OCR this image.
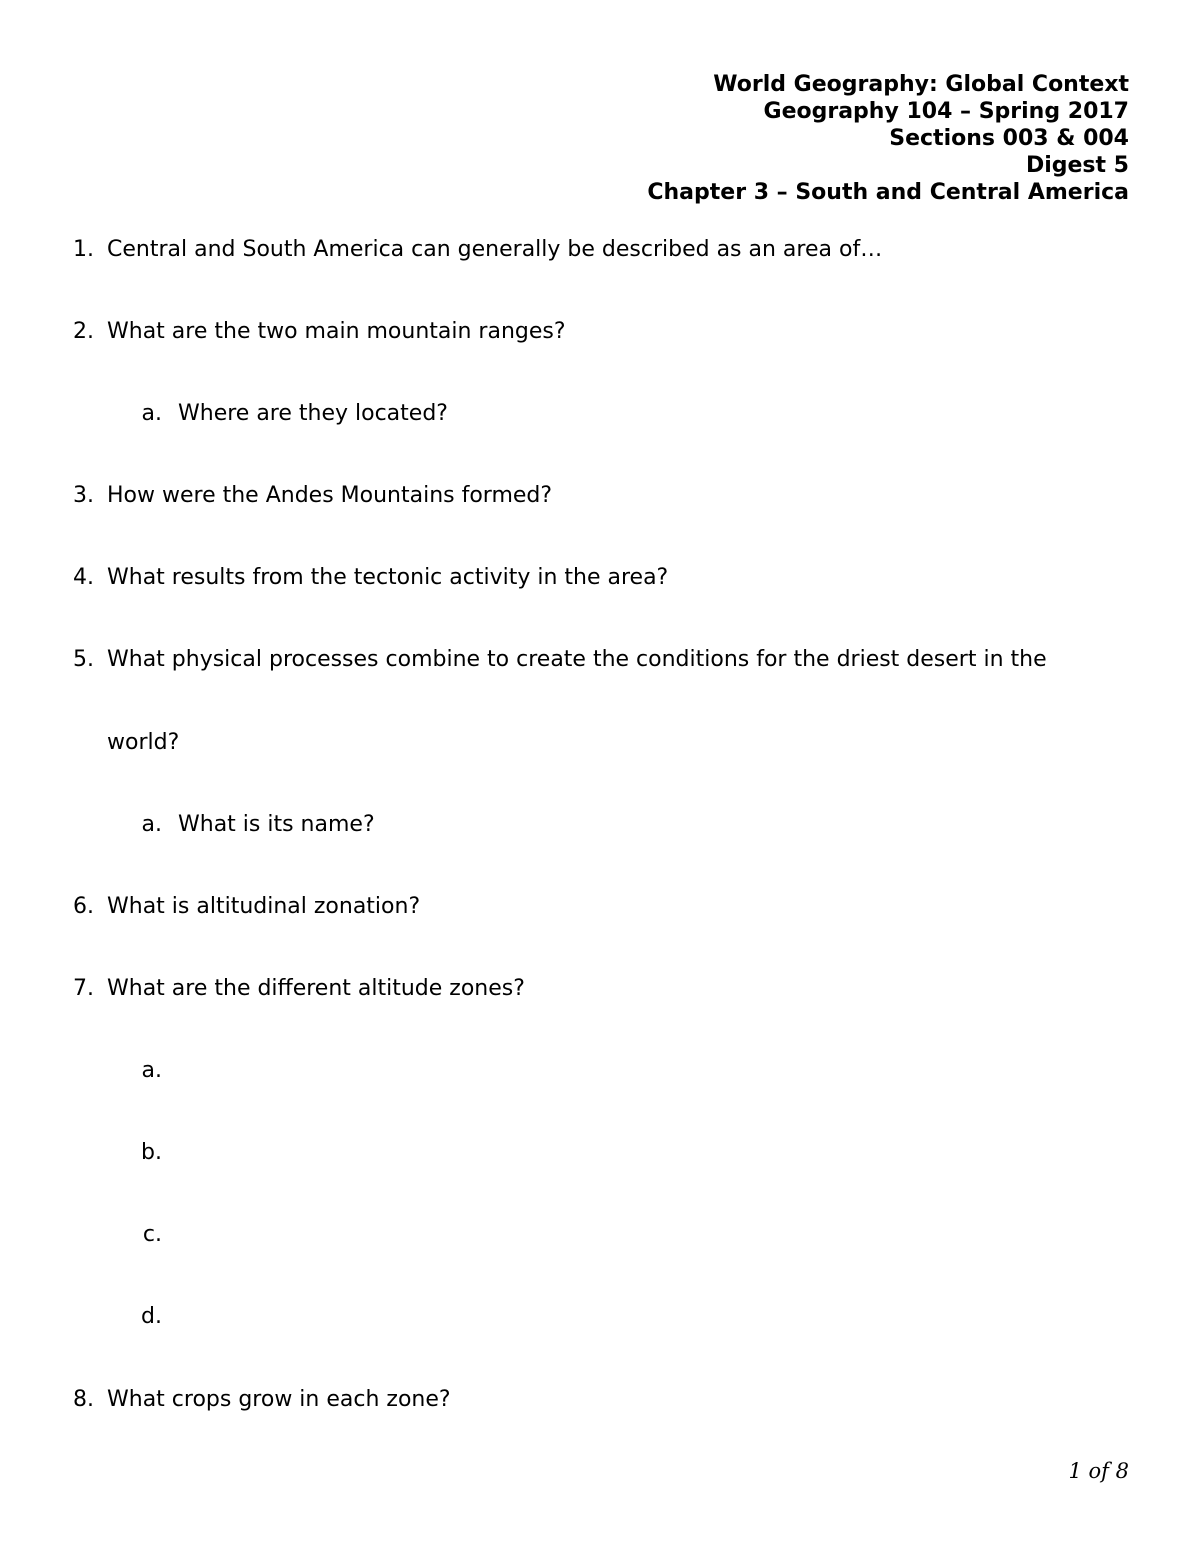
World Geography: Global Context
Geography 104 – Spring 2017
Sections 003 & 004
Digest 5
Chapter 3 – South and Central America
1. Central and South America can generally be described as an area of…
2. What are the two main mountain ranges?
a. Where are they located?
3. How were the Andes Mountains formed?
4. What results from the tectonic activity in the area?
5. What physical processes combine to create the conditions for the driest desert in the
world?
a. What is its name?
6. What is altitudinal zonation?
7. What are the different altitude zones?
a.
b.
c.
d.
8. What crops grow in each zone?
1 of 8
